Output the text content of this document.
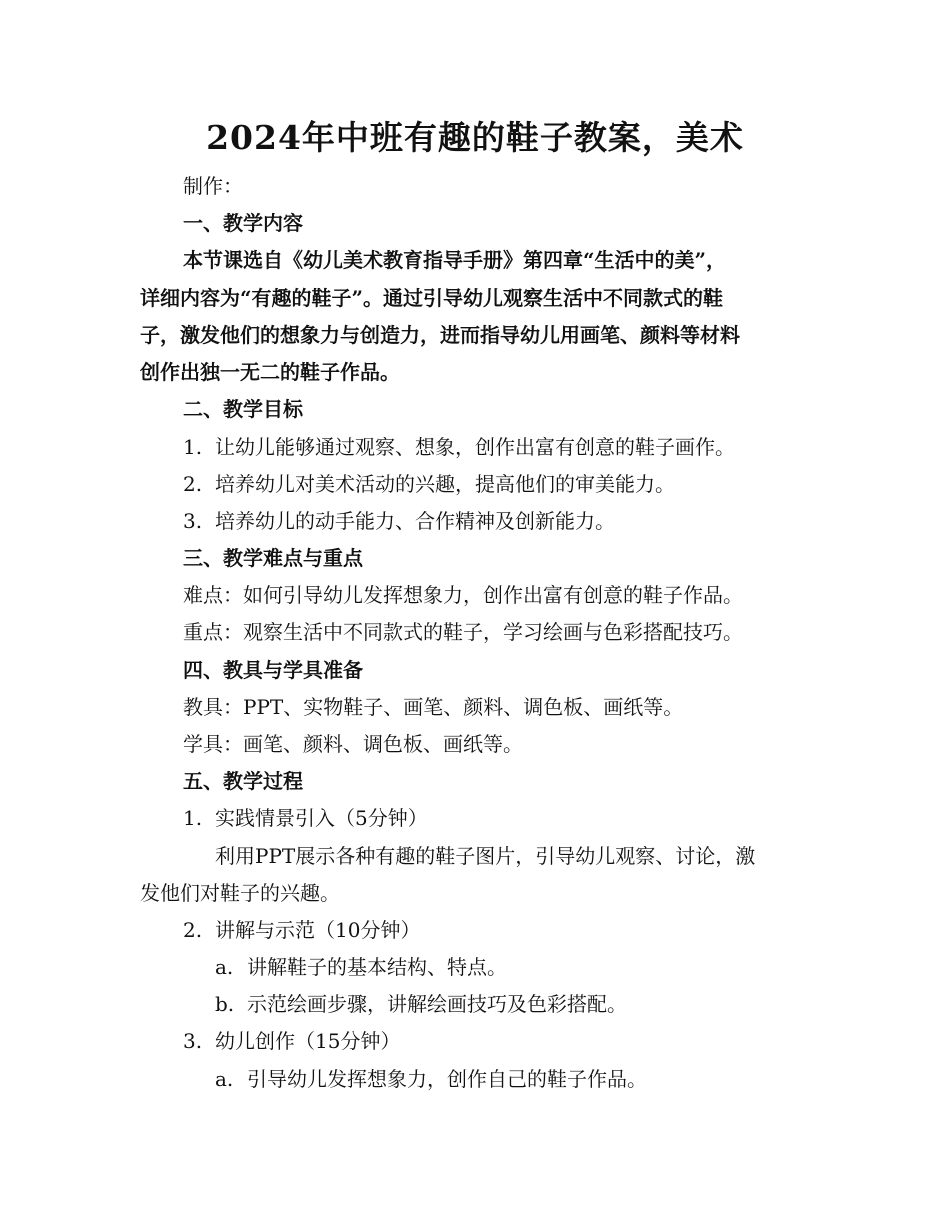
2024年中班有趣的鞋子教案，美术
制作：
一、教学内容
本节课选自《幼儿美术教育指导手册》第四章“生活中的美”，
详细内容为“有趣的鞋子”。通过引导幼儿观察生活中不同款式的鞋
子，激发他们的想象力与创造力，进而指导幼儿用画笔、颜料等材料
创作出独一无二的鞋子作品。
二、教学目标
1. 让幼儿能够通过观察、想象，创作出富有创意的鞋子画作。
2. 培养幼儿对美术活动的兴趣，提高他们的审美能力。
3. 培养幼儿的动手能力、合作精神及创新能力。
三、教学难点与重点
难点：如何引导幼儿发挥想象力，创作出富有创意的鞋子作品。
重点：观察生活中不同款式的鞋子，学习绘画与色彩搭配技巧。
四、教具与学具准备
教具：PPT、实物鞋子、画笔、颜料、调色板、画纸等。
学具：画笔、颜料、调色板、画纸等。
五、教学过程
1. 实践情景引入（5分钟）
利用PPT展示各种有趣的鞋子图片，引导幼儿观察、讨论，激
发他们对鞋子的兴趣。
2. 讲解与示范（10分钟）
a. 讲解鞋子的基本结构、特点。
b. 示范绘画步骤，讲解绘画技巧及色彩搭配。
3. 幼儿创作（15分钟）
a. 引导幼儿发挥想象力，创作自己的鞋子作品。
